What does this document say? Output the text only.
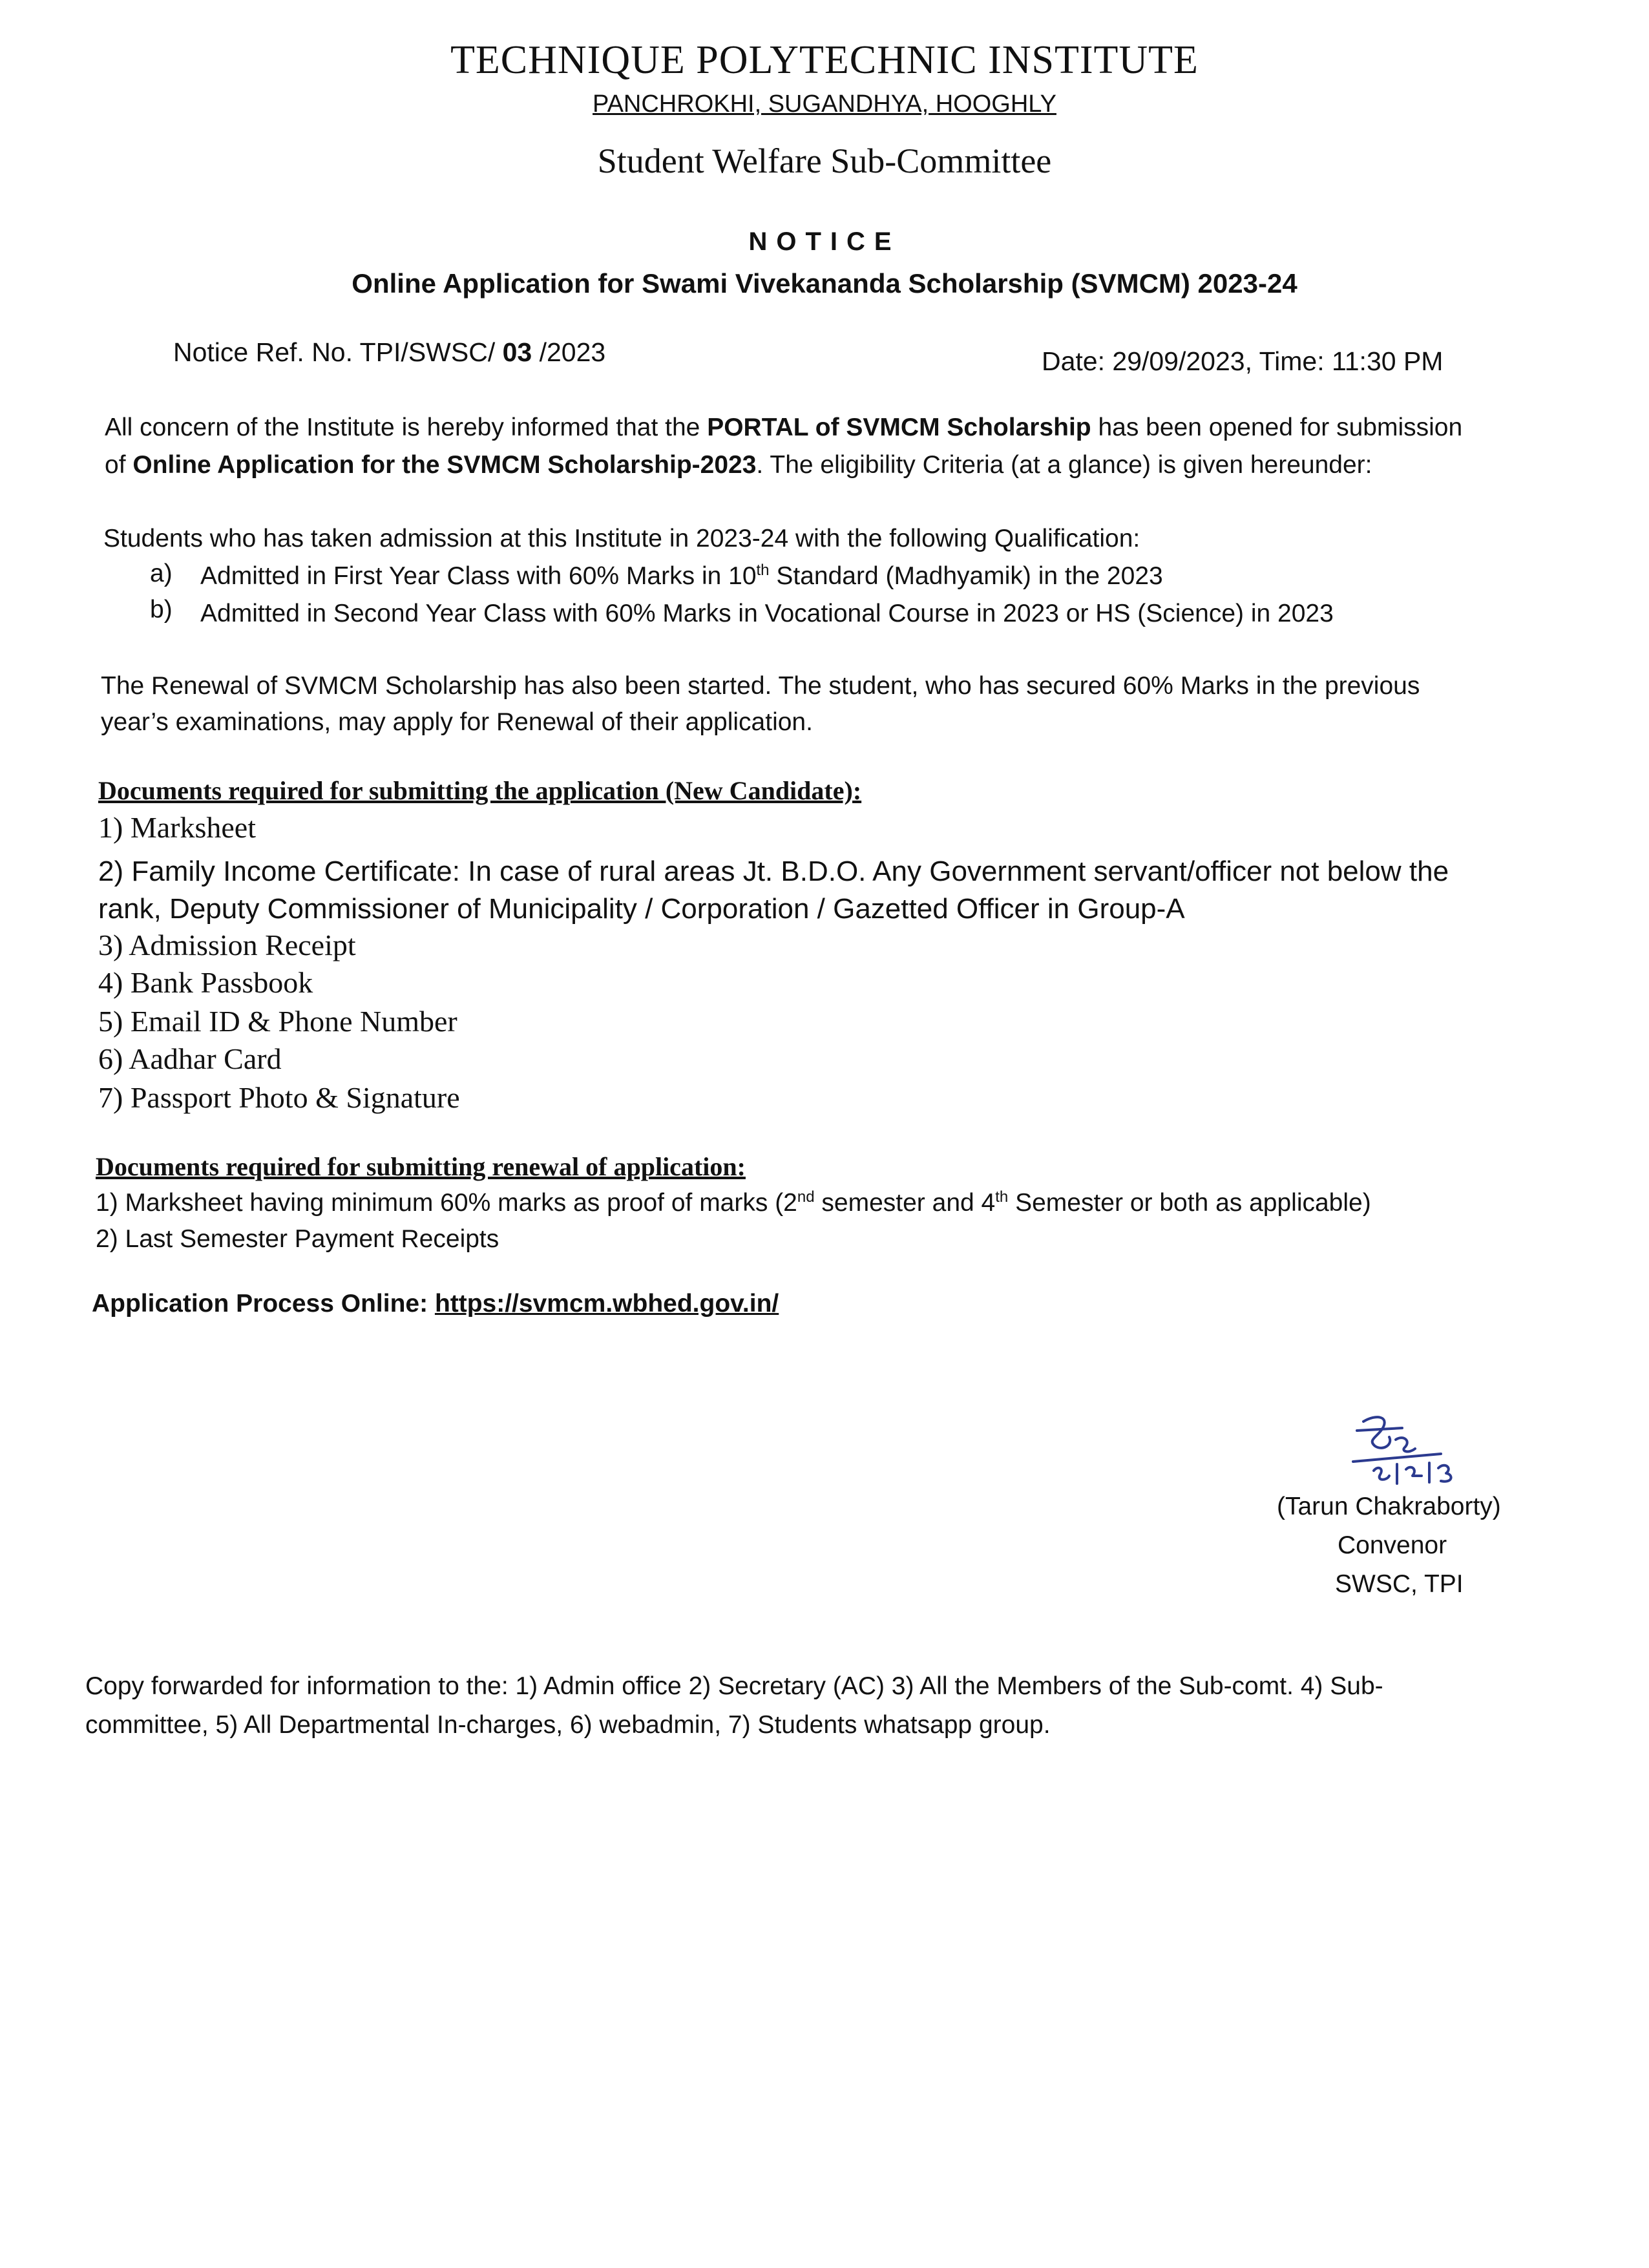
TECHNIQUE POLYTECHNIC INSTITUTE
PANCHROKHI, SUGANDHYA, HOOGHLY
Student Welfare Sub-Committee
NOTICE
Online Application for Swami Vivekananda Scholarship (SVMCM) 2023-24
Notice Ref. No. TPI/SWSC/ 03 /2023	Date: 29/09/2023, Time: 11:30 PM
All concern of the Institute is hereby informed that the PORTAL of SVMCM Scholarship has been opened for submission
of Online Application for the SVMCM Scholarship-2023. The eligibility Criteria (at a glance) is given hereunder:
Students who has taken admission at this Institute in 2023-24 with the following Qualification:
a) Admitted in First Year Class with 60% Marks in 10th Standard (Madhyamik) in the 2023
b) Admitted in Second Year Class with 60% Marks in Vocational Course in 2023 or HS (Science) in 2023
The Renewal of SVMCM Scholarship has also been started. The student, who has secured 60% Marks in the previous
year’s examinations, may apply for Renewal of their application.
Documents required for submitting the application (New Candidate):
1) Marksheet
2) Family Income Certificate: In case of rural areas Jt. B.D.O. Any Government servant/officer not below the
rank, Deputy Commissioner of Municipality / Corporation / Gazetted Officer in Group-A
3) Admission Receipt
4) Bank Passbook
5) Email ID & Phone Number
6) Aadhar Card
7) Passport Photo & Signature
Documents required for submitting renewal of application:
1) Marksheet having minimum 60% marks as proof of marks (2nd semester and 4th Semester or both as applicable)
2) Last Semester Payment Receipts
Application Process Online: https://svmcm.wbhed.gov.in/
(Tarun Chakraborty)
Convenor
SWSC, TPI
Copy forwarded for information to the: 1) Admin office 2) Secretary (AC) 3) All the Members of the Sub-comt. 4) Sub-
committee, 5) All Departmental In-charges, 6) webadmin, 7) Students whatsapp group.
